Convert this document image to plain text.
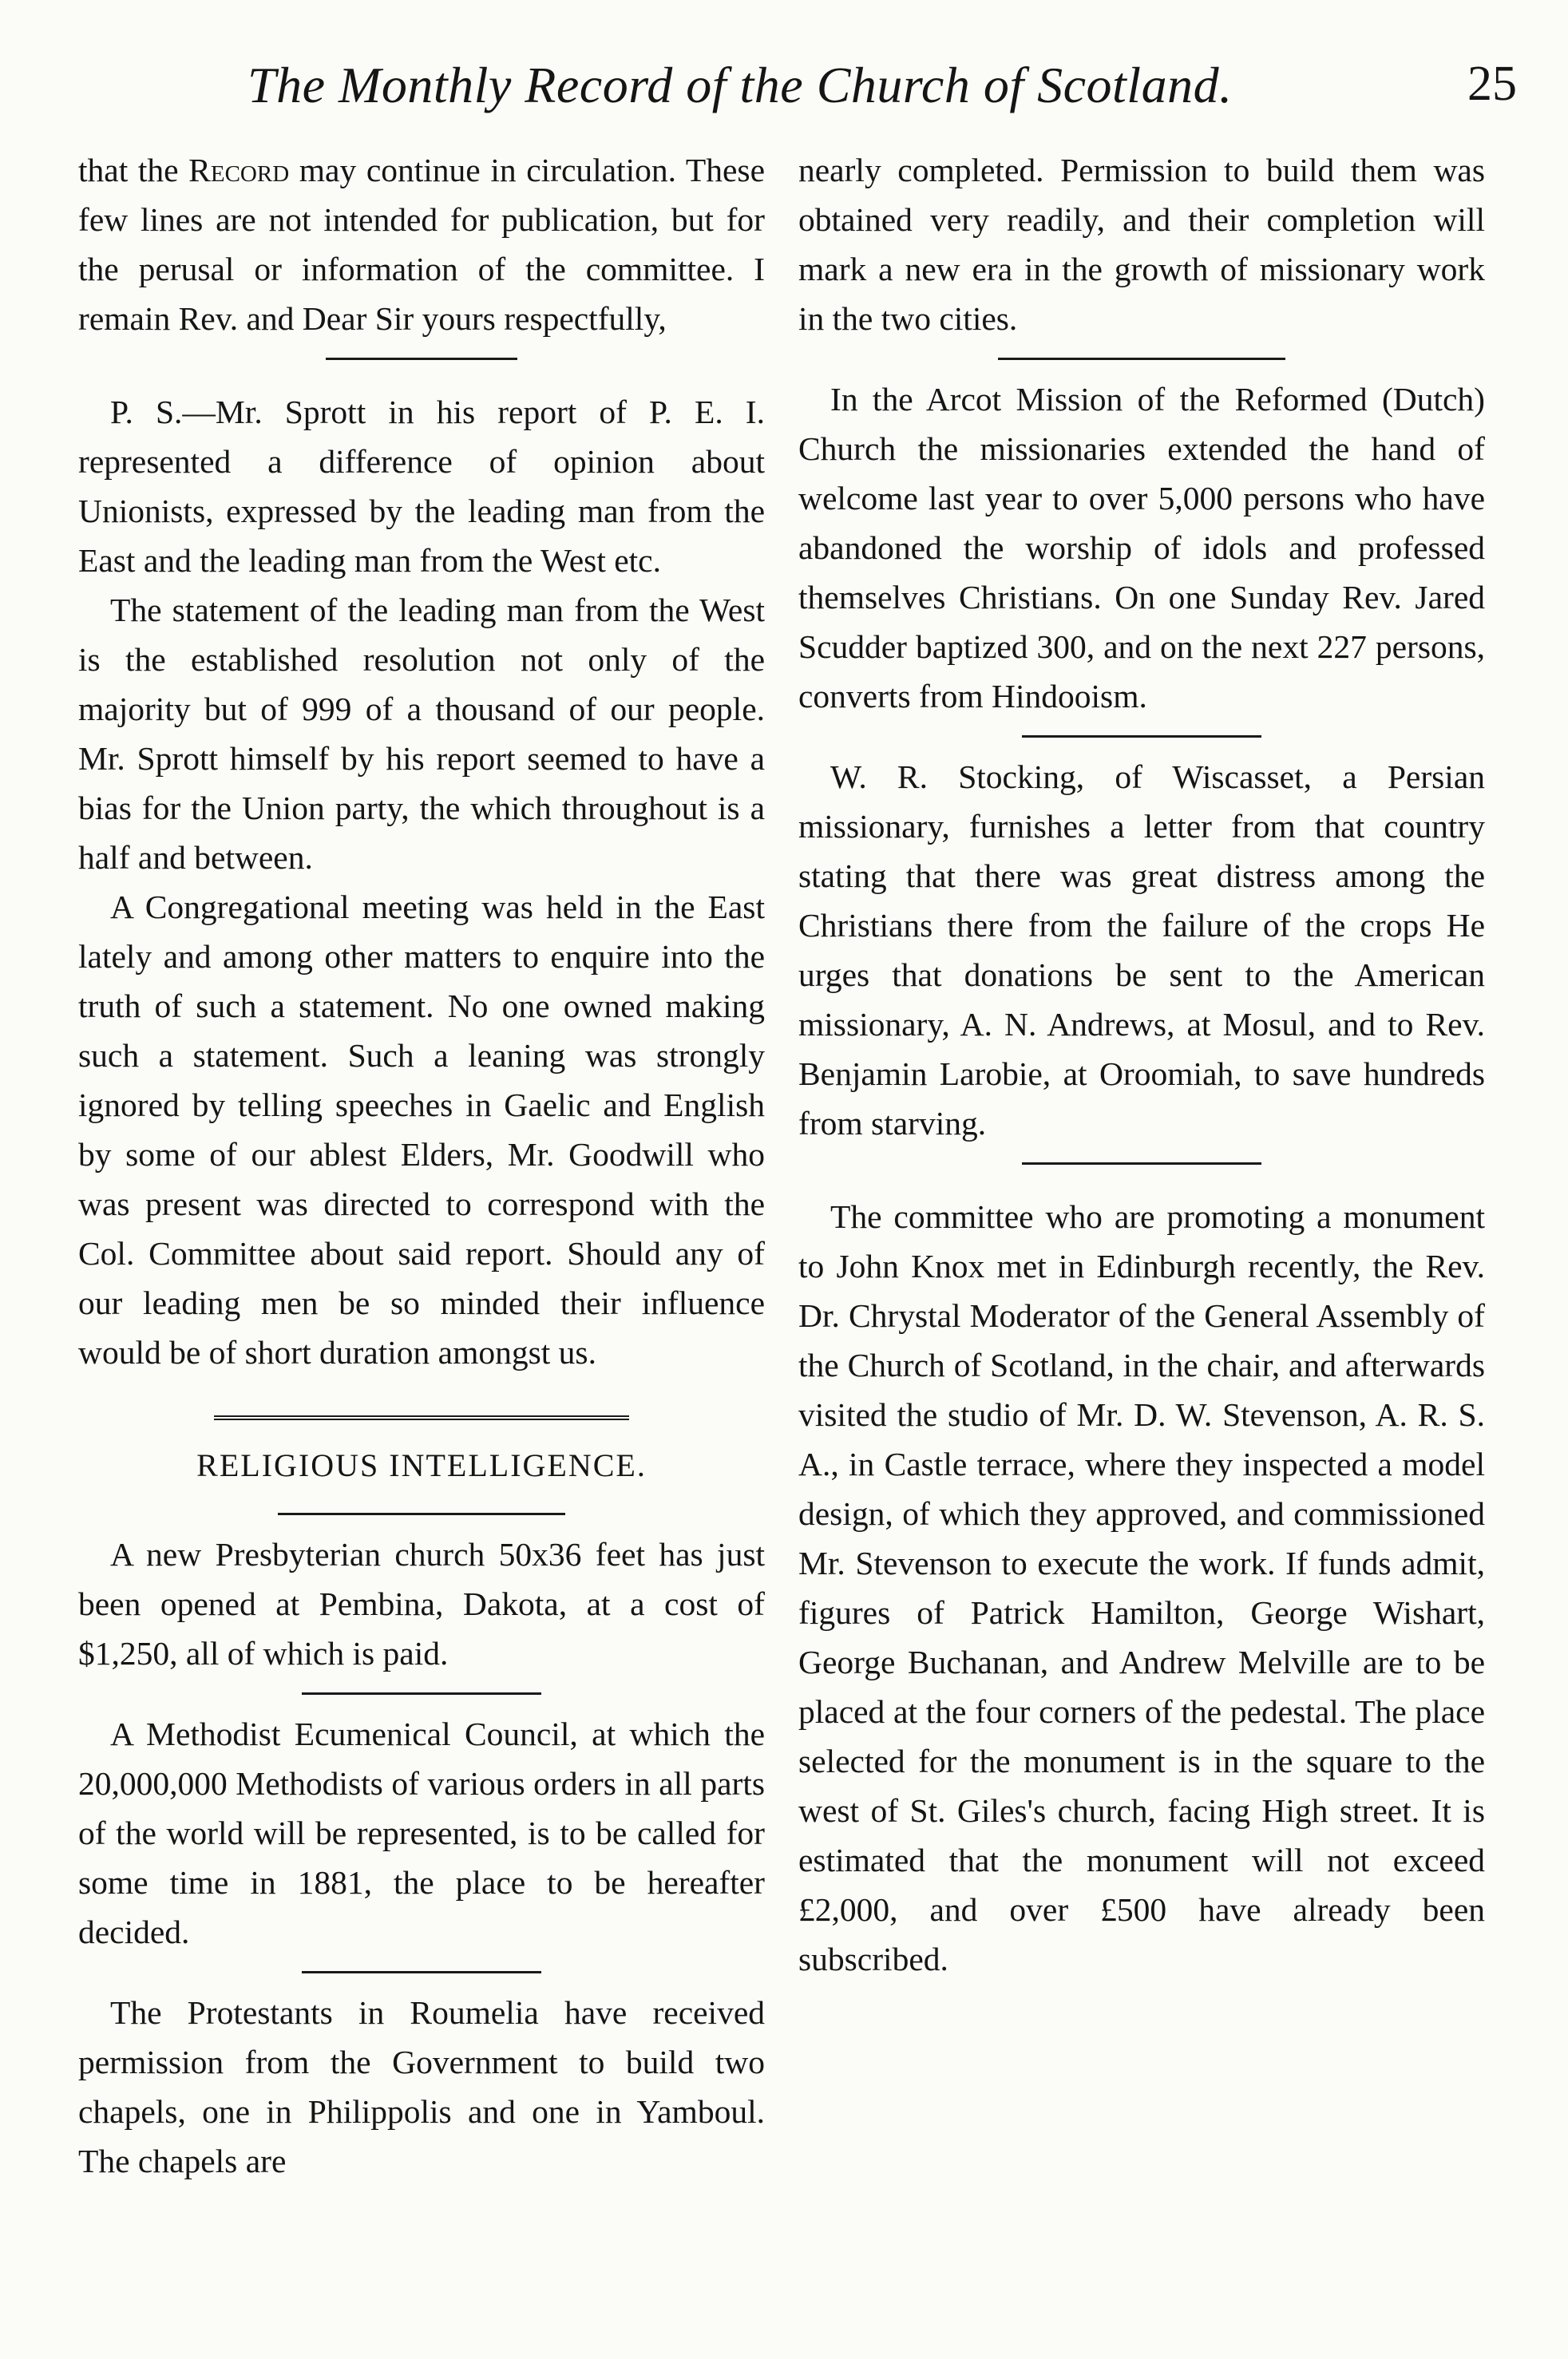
The Monthly Record of the Church of Scotland.	25

that the Record may continue in circulation. These few lines are not intended for publication, but for the perusal or information of the committee. I remain Rev. and Dear Sir yours respectfully,

P. S.—Mr. Sprott in his report of P. E. I. represented a difference of opinion about Unionists, expressed by the leading man from the East and the leading man from the West etc.

The statement of the leading man from the West is the established resolution not only of the majority but of 999 of a thousand of our people. Mr. Sprott himself by his report seemed to have a bias for the Union party, the which throughout is a half and between.

A Congregational meeting was held in the East lately and among other matters to enquire into the truth of such a statement. No one owned making such a statement. Such a leaning was strongly ignored by telling speeches in Gaelic and English by some of our ablest Elders, Mr. Goodwill who was present was directed to correspond with the Col. Committee about said report. Should any of our leading men be so minded their influence would be of short duration amongst us.

RELIGIOUS INTELLIGENCE.

A new Presbyterian church 50x36 feet has just been opened at Pembina, Dakota, at a cost of $1,250, all of which is paid.

A Methodist Ecumenical Council, at which the 20,000,000 Methodists of various orders in all parts of the world will be represented, is to be called for some time in 1881, the place to be hereafter decided.

The Protestants in Roumelia have received permission from the Government to build two chapels, one in Philippolis and one in Yamboul. The chapels are

nearly completed. Permission to build them was obtained very readily, and their completion will mark a new era in the growth of missionary work in the two cities.

In the Arcot Mission of the Reformed (Dutch) Church the missionaries extended the hand of welcome last year to over 5,000 persons who have abandoned the worship of idols and professed themselves Christians. On one Sunday Rev. Jared Scudder baptized 300, and on the next 227 persons, converts from Hindooism.

W. R. Stocking, of Wiscasset, a Persian missionary, furnishes a letter from that country stating that there was great distress among the Christians there from the failure of the crops He urges that donations be sent to the American missionary, A. N. Andrews, at Mosul, and to Rev. Benjamin Larobie, at Oroomiah, to save hundreds from starving.

The committee who are promoting a monument to John Knox met in Edinburgh recently, the Rev. Dr. Chrystal Moderator of the General Assembly of the Church of Scotland, in the chair, and afterwards visited the studio of Mr. D. W. Stevenson, A. R. S. A., in Castle terrace, where they inspected a model design, of which they approved, and commissioned Mr. Stevenson to execute the work. If funds admit, figures of Patrick Hamilton, George Wishart, George Buchanan, and Andrew Melville are to be placed at the four corners of the pedestal. The place selected for the monument is in the square to the west of St. Giles's church, facing High street. It is estimated that the monument will not exceed £2,000, and over £500 have already been subscribed.
